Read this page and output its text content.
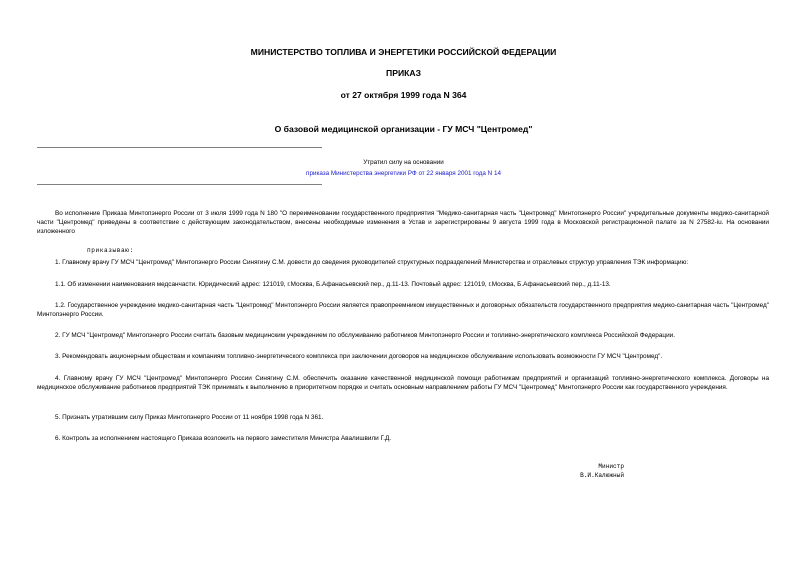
МИНИСТЕРСТВО ТОПЛИВА И ЭНЕРГЕТИКИ РОССИЙСКОЙ ФЕДЕРАЦИИ
ПРИКАЗ
от 27 октября 1999 года N 364
О базовой медицинской организации - ГУ МСЧ "Центромед"
Утратил силу на основании
приказа Министерства энергетики РФ от 22 января 2001 года N 14

Во исполнение Приказа Минтопэнерго России от 3 июля 1999 года N 180 "О переименовании государственного предприятия "Медико-санитарная часть "Центромед" Минтопэнерго России" учредительные документы медико-санитарной части "Центромед" приведены в соответствие с действующим законодательством, внесены необходимые изменения в Устав и зарегистрированы 9 августа 1999 года в Московской регистрационной палате за N 27582-iu. На основании изложенного

приказываю:

1. Главному врачу ГУ МСЧ "Центромед" Минтопэнерго России Синягину С.М. довести до сведения руководителей структурных подразделений Министерства и отраслевых структур управления ТЭК информацию:

1.1. Об изменении наименования медсанчасти. Юридический адрес: 121019, г.Москва, Б.Афанасьевский пер., д.11-13. Почтовый адрес: 121019, г.Москва, Б.Афанасьевский пер., д.11-13.

1.2. Государственное учреждение медико-санитарная часть "Центромед" Минтопэнерго России является правопреемником имущественных и договорных обязательств государственного предприятия медико-санитарная часть "Центромед" Минтопэнерго России.

2. ГУ МСЧ "Центромед" Минтопэнерго России считать базовым медицинским учреждением по обслуживанию работников Минтопэнерго России и топливно-энергетического комплекса Российской Федерации.

3. Рекомендовать акционерным обществам и компаниям топливно-энергетического комплекса при заключении договоров на медицинское обслуживание использовать возможности ГУ МСЧ "Центромед".

4. Главному врачу ГУ МСЧ "Центромед" Минтопэнерго России Синягину С.М. обеспечить оказание качественной медицинской помощи работникам предприятий и организаций топливно-энергетического комплекса. Договоры на медицинское обслуживание работников предприятий ТЭК принимать к выполнению в приоритетном порядке и считать основным направлением работы ГУ МСЧ "Центромед" Минтопэнерго России как государственного учреждения.

5. Признать утратившим силу Приказ Минтопэнерго России от 11 ноября 1998 года N 361.

6. Контроль за исполнением настоящего Приказа возложить на первого заместителя Министра Авалишвили Г.Д.

Министр
В.И.Калюжный
